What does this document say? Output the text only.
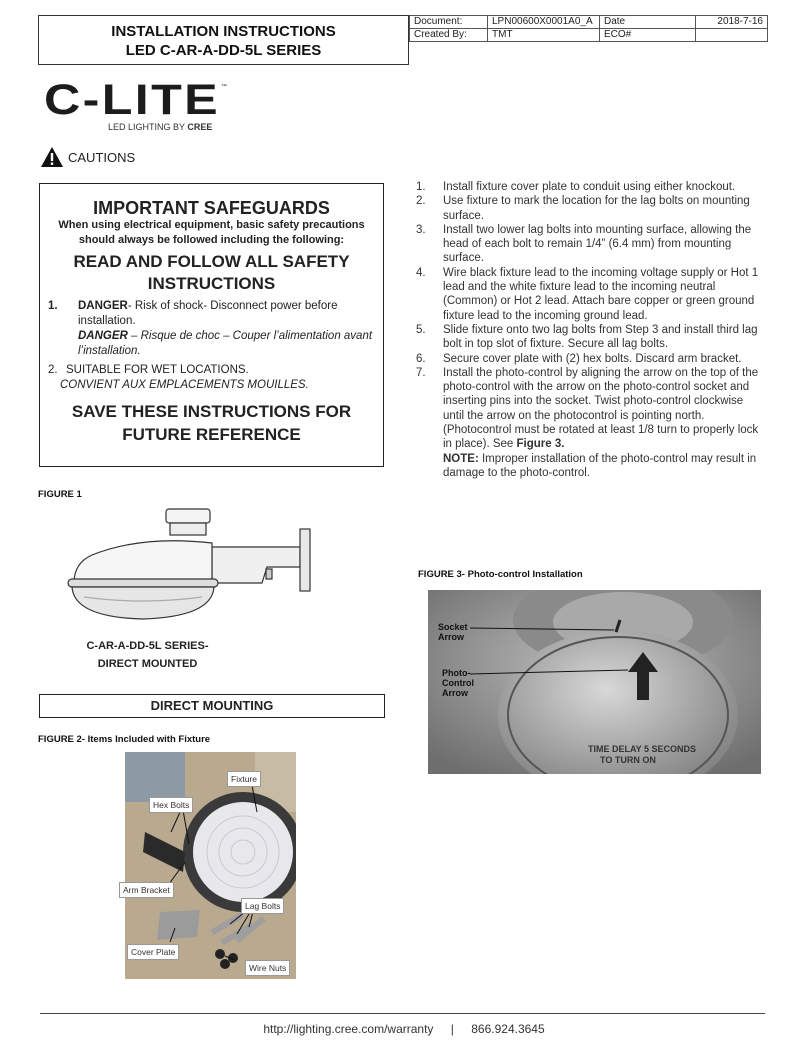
INSTALLATION INSTRUCTIONS
LED C-AR-A-DD-5L SERIES
Document:	LPN00600X0001A0_A	Date	2018-7-16
Created By:	TMT	ECO#	
C-LITE ™
LED LIGHTING BY CREE
CAUTIONS
IMPORTANT SAFEGUARDS
When using electrical equipment, basic safety precautions should always be followed including the following:
READ AND FOLLOW ALL SAFETY INSTRUCTIONS
1.	DANGER- Risk of shock- Disconnect power before installation.
DANGER – Risque de choc – Couper l’alimentation avant l’installation.
2. SUITABLE FOR WET LOCATIONS.
CONVIENT AUX EMPLACEMENTS MOUILLES.
SAVE THESE INSTRUCTIONS FOR FUTURE REFERENCE
1.	Install fixture cover plate to conduit using either knockout.
2.	Use fixture to mark the location for the lag bolts on mounting surface.
3.	Install two lower lag bolts into mounting surface, allowing the head of each bolt to remain 1/4” (6.4 mm) from mounting surface.
4.	Wire black fixture lead to the incoming voltage supply or Hot 1 lead and the white fixture lead to the incoming neutral (Common) or Hot 2 lead. Attach bare copper or green ground fixture lead to the incoming ground lead.
5.	Slide fixture onto two lag bolts from Step 3 and install third lag bolt in top slot of fixture. Secure all lag bolts.
6.	Secure cover plate with (2) hex bolts. Discard arm bracket.
7.	Install the photo-control by aligning the arrow on the top of the photo-control with the arrow on the photo-control socket and inserting pins into the socket. Twist photo-control clockwise until the arrow on the photocontrol is pointing north. (Photocontrol must be rotated at least 1/8 turn to properly lock in place). See Figure 3.
NOTE: Improper installation of the photo-control may result in damage to the photo-control.
FIGURE 1
C-AR-A-DD-5L SERIES-
DIRECT MOUNTED
DIRECT MOUNTING
FIGURE 2- Items Included with Fixture
Fixture
Hex Bolts
Arm Bracket
Lag Bolts
Cover Plate
Wire Nuts
FIGURE 3- Photo-control Installation
Socket
Arrow
Photo-
Control
Arrow
TIME DELAY 5 SECONDS
TO TURN ON
http://lighting.cree.com/warranty | 866.924.3645
